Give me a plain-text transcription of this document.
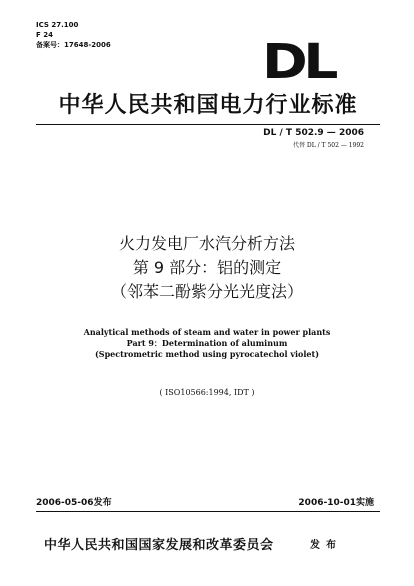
ICS 27.100
F 24
备案号：17648-2006	DL
中华人民共和国电力行业标准
DL / T 502.9 — 2006
代替 DL / T 502 — 1992
火力发电厂水汽分析方法
第 9 部分：铝的测定
（邻苯二酚紫分光光度法）
Analytical methods of steam and water in power plants
Part 9：Determination of aluminum
(Spectrometric method using pyrocatechol violet)
( ISO10566:1994, IDT )
2006-05-06发布	2006-10-01实施
中华人民共和国国家发展和改革委员会	发布
